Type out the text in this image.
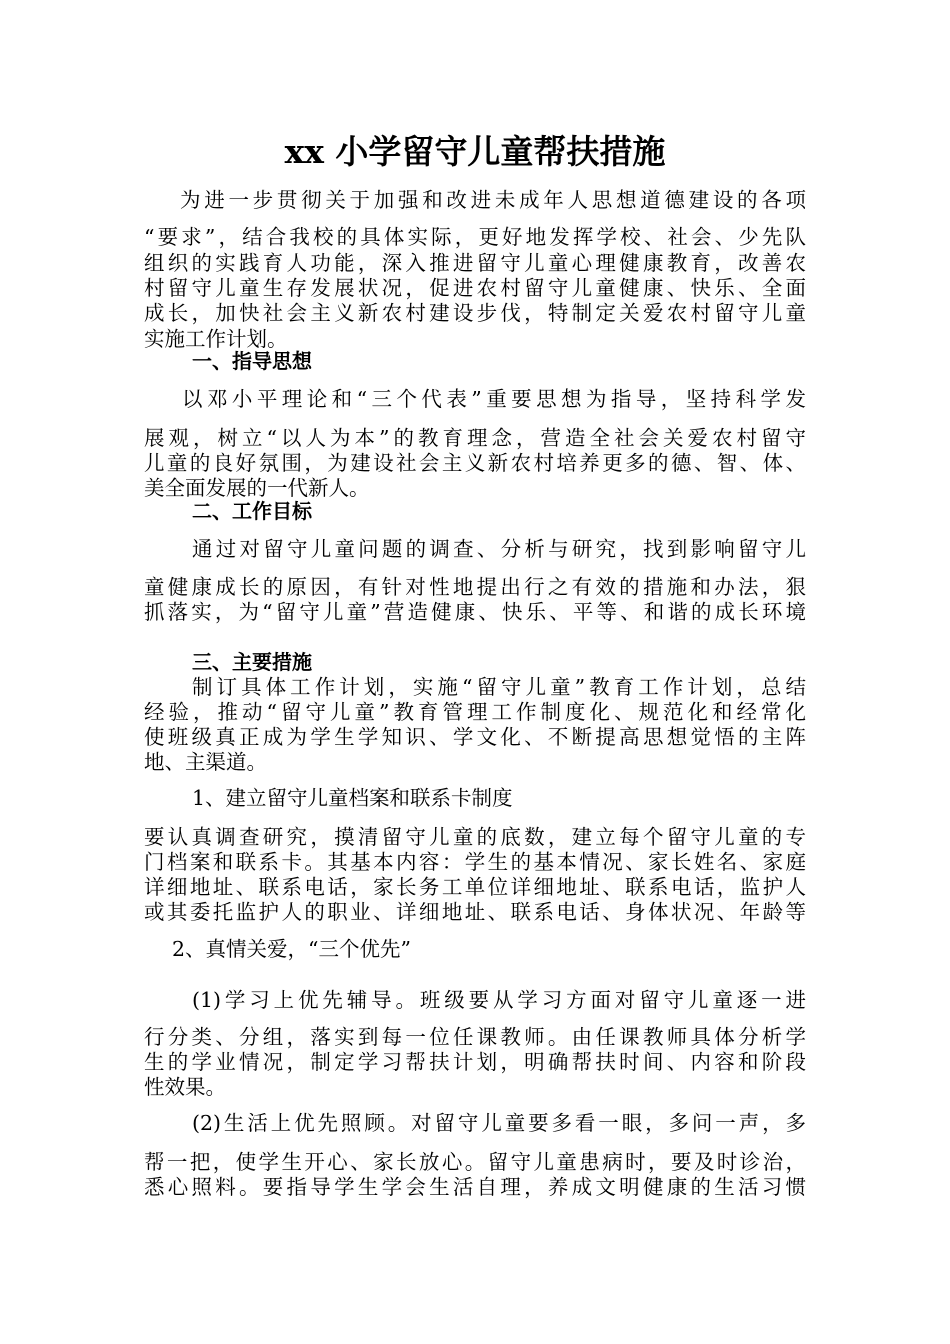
xx 小学留守儿童帮扶措施
为进一步贯彻关于加强和改进未成年人思想道德建设的各项
“要求”，结合我校的具体实际，更好地发挥学校、社会、少先队
组织的实践育人功能，深入推进留守儿童心理健康教育，改善农
村留守儿童生存发展状况，促进农村留守儿童健康、快乐、全面
成长，加快社会主义新农村建设步伐，特制定关爱农村留守儿童
实施工作计划。
一、指导思想
以邓小平理论和“三个代表”重要思想为指导，坚持科学发
展观，树立“以人为本”的教育理念，营造全社会关爱农村留守
儿童的良好氛围，为建设社会主义新农村培养更多的德、智、体、
美全面发展的一代新人。
二、工作目标
通过对留守儿童问题的调查、分析与研究，找到影响留守儿
童健康成长的原因，有针对性地提出行之有效的措施和办法，狠
抓落实，为“留守儿童”营造健康、快乐、平等、和谐的成长环境
三、主要措施
制订具体工作计划，实施“留守儿童”教育工作计划，总结
经验，推动“留守儿童”教育管理工作制度化、规范化和经常化
使班级真正成为学生学知识、学文化、不断提高思想觉悟的主阵
地、主渠道。
1、建立留守儿童档案和联系卡制度
要认真调查研究，摸清留守儿童的底数，建立每个留守儿童的专
门档案和联系卡。其基本内容：学生的基本情况、家长姓名、家庭
详细地址、联系电话，家长务工单位详细地址、联系电话，监护人
或其委托监护人的职业、详细地址、联系电话、身体状况、年龄等
2、真情关爱，“三个优先”
(1)学习上优先辅导。班级要从学习方面对留守儿童逐一进
行分类、分组，落实到每一位任课教师。由任课教师具体分析学
生的学业情况，制定学习帮扶计划，明确帮扶时间、内容和阶段
性效果。
(2)生活上优先照顾。对留守儿童要多看一眼，多问一声，多
帮一把，使学生开心、家长放心。留守儿童患病时，要及时诊治，
悉心照料。要指导学生学会生活自理，养成文明健康的生活习惯
